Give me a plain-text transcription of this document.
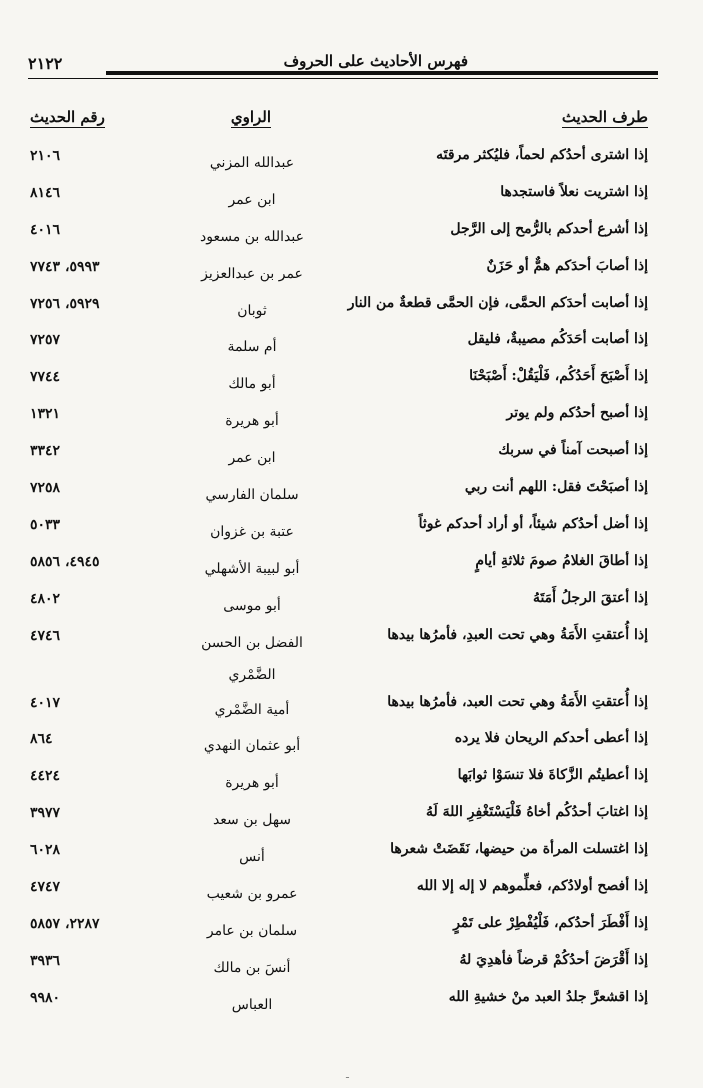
فهرس الأحاديث على الحروف
٢١٢٢
طرف الحديث
الراوي
رقم الحديث
إذا اشترى أحدُكم لحماً، فليُكثر مرقتَه
عبدالله المزني
٢١٠٦
إذا اشتريت نعلاً فاستجدها
ابن عمر
٨١٤٦
إذا أشرع أحدكم بالرُّمح إلى الرَّجل
عبدالله بن مسعود
٤٠١٦
إذا أصابَ أحدَكم همٌّ أو حَزَنٌ
عمر بن عبدالعزيز
٥٩٩٣، ٧٧٤٣
إذا أصابت أحدَكم الحمَّى، فإن الحمَّى قطعةٌ من النار
ثوبان
٥٩٢٩، ٧٢٥٦
إذا أصابت أحَدَكُم مصيبةٌ، فليقل
أم سلمة
٧٢٥٧
إذا أَصْبَحَ أَحَدُكُم، فَلْيَقُلْ: أَصْبَحْنَا
أبو مالك
٧٧٤٤
إذا أصبح أحدُكم ولم يوتر
أبو هريرة
١٣٢١
إذا أصبحت آمناً في سربك
ابن عمر
٣٣٤٢
إذا أصبَحْتَ فقل: اللهم أنت ربي
سلمان الفارسي
٧٢٥٨
إذا أضل أحدُكم شيئاً، أو أراد أحدكم غوثاً
عتبة بن غزوان
٥٠٣٣
إذا أطاقَ الغلامُ صومَ ثلاثةِ أيامٍ
أبو لبيبة الأشهلي
٤٩٤٥، ٥٨٥٦
إذا أعتقَ الرجلُ أَمَتَهُ
أبو موسى
٤٨٠٢
إذا أُعتقتِ الأَمَةُ وهي تحت العبدِ، فأمرُها بيدها
الفضل بن الحسن الضَّمْري
٤٧٤٦
إذا أُعتقتِ الأَمَةُ وهي تحت العبد، فأمرُها بيدها
أمية الضَّمْري
٤٠١٧
إذا أعطى أحدكم الريحان فلا يرده
أبو عثمان النهدي
٨٦٤
إذا أعطيتُم الزَّكاةَ فلا تنسَوْا ثوابَها
أبو هريرة
٤٤٢٤
إذا اغتابَ أحدُكُم أخاهُ فَلْيَسْتَغْفِرِ اللهَ لَهُ
سهل بن سعد
٣٩٧٧
إذا اغتسلت المرأة من حيضها، نَقَضَتْ شعرها
أنس
٦٠٢٨
إذا أفصح أولادُكم، فعلِّموهم لا إله إلا الله
عمرو بن شعيب
٤٧٤٧
إذا أَفْطَرَ أحدُكم، فَلْيُفْطِرْ على تَمْرٍ
سلمان بن عامر
٢٢٨٧، ٥٨٥٧
إذا أَقْرَضَ أحدُكُمْ قرضاً فأهدِيَ لهُ
أنسَ بن مالك
٣٩٣٦
إذا اقشعرَّ جلدُ العبد منْ خشيةِ الله
العباس
٩٩٨٠
ـ
